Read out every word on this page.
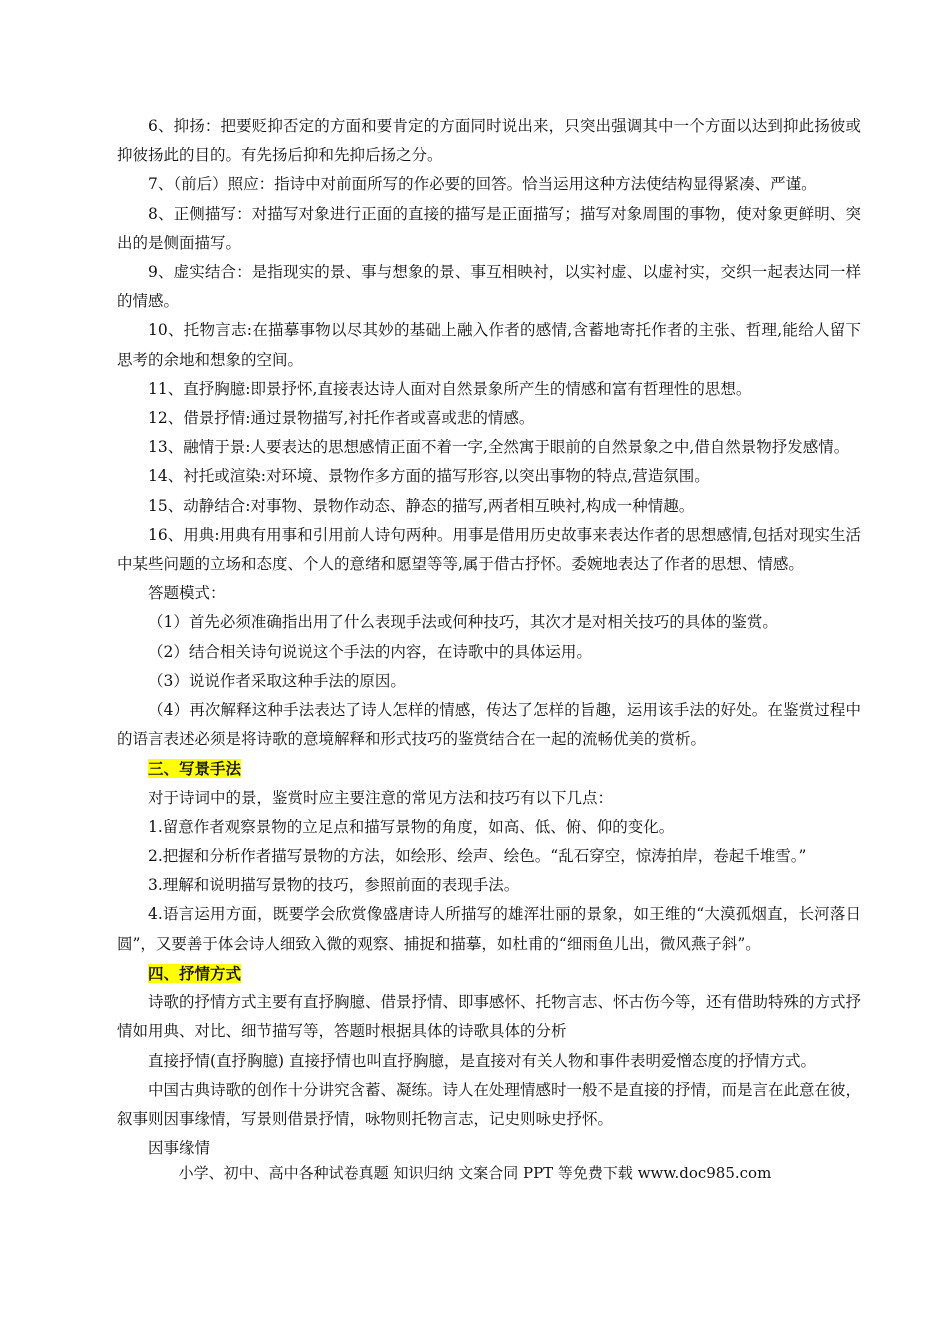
6、抑扬：把要贬抑否定的方面和要肯定的方面同时说出来，只突出强调其中一个方面以达到抑此扬彼或抑彼扬此的目的。有先扬后抑和先抑后扬之分。

7、（前后）照应：指诗中对前面所写的作必要的回答。恰当运用这种方法使结构显得紧凑、严谨。

8、正侧描写：对描写对象进行正面的直接的描写是正面描写；描写对象周围的事物，使对象更鲜明、突出的是侧面描写。

9、虚实结合：是指现实的景、事与想象的景、事互相映衬，以实衬虚、以虚衬实，交织一起表达同一样的情感。

10、托物言志:在描摹事物以尽其妙的基础上融入作者的感情,含蓄地寄托作者的主张、哲理,能给人留下思考的余地和想象的空间。

11、直抒胸臆:即景抒怀,直接表达诗人面对自然景象所产生的情感和富有哲理性的思想。

12、借景抒情:通过景物描写,衬托作者或喜或悲的情感。

13、融情于景:人要表达的思想感情正面不着一字,全然寓于眼前的自然景象之中,借自然景物抒发感情。

14、衬托或渲染:对环境、景物作多方面的描写形容,以突出事物的特点,营造氛围。

15、动静结合:对事物、景物作动态、静态的描写,两者相互映衬,构成一种情趣。

16、用典:用典有用事和引用前人诗句两种。用事是借用历史故事来表达作者的思想感情,包括对现实生活中某些问题的立场和态度、个人的意绪和愿望等等,属于借古抒怀。委婉地表达了作者的思想、情感。

答题模式：

（1）首先必须准确指出用了什么表现手法或何种技巧，其次才是对相关技巧的具体的鉴赏。

（2）结合相关诗句说说这个手法的内容，在诗歌中的具体运用。

（3）说说作者采取这种手法的原因。

（4）再次解释这种手法表达了诗人怎样的情感，传达了怎样的旨趣，运用该手法的好处。在鉴赏过程中的语言表述必须是将诗歌的意境解释和形式技巧的鉴赏结合在一起的流畅优美的赏析。

三、写景手法

对于诗词中的景，鉴赏时应主要注意的常见方法和技巧有以下几点：

1.留意作者观察景物的立足点和描写景物的角度，如高、低、俯、仰的变化。

2.把握和分析作者描写景物的方法，如绘形、绘声、绘色。“乱石穿空，惊涛拍岸，卷起千堆雪。”

3.理解和说明描写景物的技巧，参照前面的表现手法。

4.语言运用方面，既要学会欣赏像盛唐诗人所描写的雄浑壮丽的景象，如王维的“大漠孤烟直，长河落日圆”，又要善于体会诗人细致入微的观察、捕捉和描摹，如杜甫的“细雨鱼儿出，微风燕子斜”。

四、抒情方式

诗歌的抒情方式主要有直抒胸臆、借景抒情、即事感怀、托物言志、怀古伤今等，还有借助特殊的方式抒情如用典、对比、细节描写等，答题时根据具体的诗歌具体的分析

直接抒情(直抒胸臆) 直接抒情也叫直抒胸臆，是直接对有关人物和事件表明爱憎态度的抒情方式。

中国古典诗歌的创作十分讲究含蓄、凝练。诗人在处理情感时一般不是直接的抒情，而是言在此意在彼，叙事则因事缘情，写景则借景抒情，咏物则托物言志，记史则咏史抒怀。

因事缘情

小学、初中、高中各种试卷真题 知识归纳 文案合同 PPT 等免费下载 www.doc985.com
